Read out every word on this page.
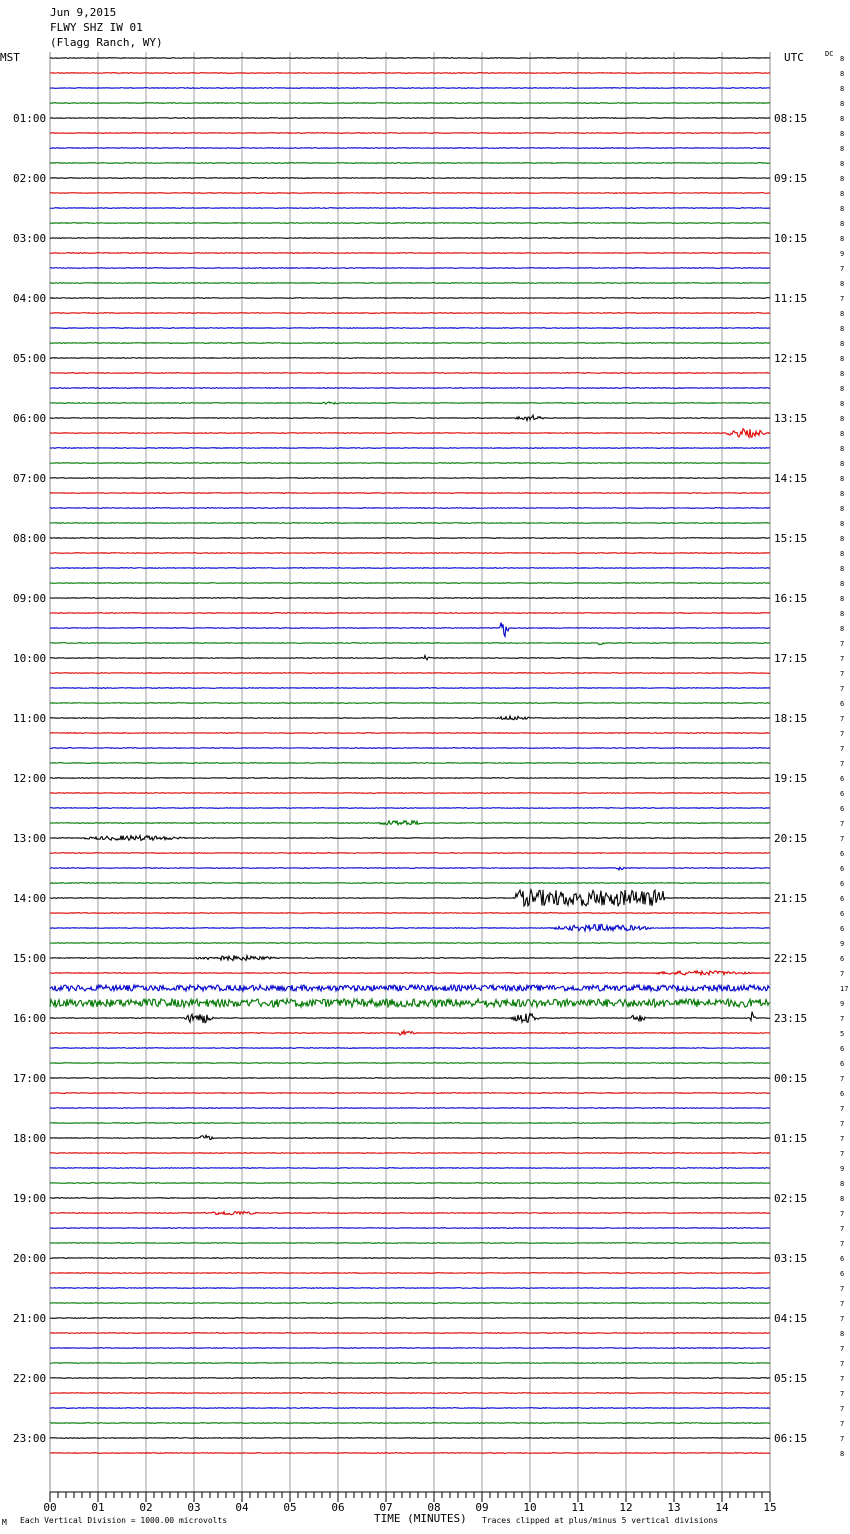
Jun 9,2015
FLWY SHZ IW 01
(Flagg Ranch, WY)
MST	UTC	DC
01:00
02:00
03:00
04:00
05:00
06:00
07:00
08:00
09:00
10:00
11:00
12:00
13:00
14:00
15:00
16:00
17:00
18:00
19:00
20:00
21:00
22:00
23:00
08:15
09:15
10:15
11:15
12:15
13:15
14:15
15:15
16:15
17:15
18:15
19:15
20:15
21:15
22:15
23:15
00:15
01:15
02:15
03:15
04:15
05:15
06:15
8
8
8
8
8
8
8
8
8
8
8
8
8
9
7
8
7
8
8
8
8
8
8
8
8
8
8
8
8
8
8
8
8
8
8
8
8
8
8
7
7
7
7
6
7
7
7
7
6
6
6
7
7
6
6
6
6
6
6
9
6
7
17
9
7
5
6
6
7
6
7
7
7
7
9
8
8
7
7
7
6
6
7
7
7
8
7
7
7
7
7
7
7
8
00	01	02	03	04	05	06	07	08	09	10	11	12	13	14	15
TIME (MINUTES)
Each Vertical Division = 1000.00 microvolts	Traces clipped at plus/minus 5 vertical divisions
M
